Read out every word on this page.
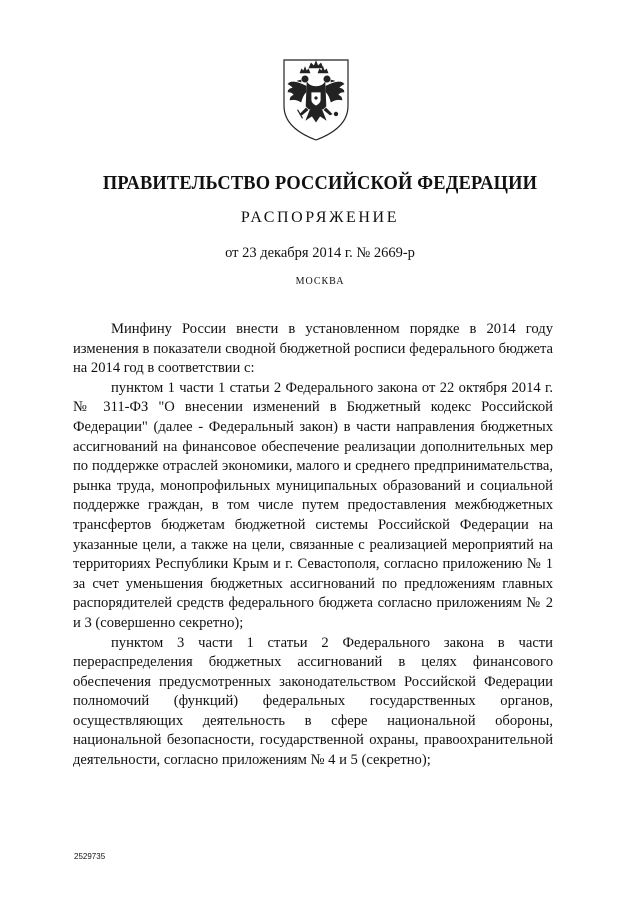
ПРАВИТЕЛЬСТВО РОССИЙСКОЙ ФЕДЕРАЦИИ
РАСПОРЯЖЕНИЕ
от 23 декабря 2014 г. № 2669-р
МОСКВА

Минфину России внести в установленном порядке в 2014 году изменения в показатели сводной бюджетной росписи федерального бюджета на 2014 год в соответствии с:

пунктом 1 части 1 статьи 2 Федерального закона от 22 октября 2014 г. № 311-ФЗ "О внесении изменений в Бюджетный кодекс Российской Федерации" (далее - Федеральный закон) в части направления бюджетных ассигнований на финансовое обеспечение реализации дополнительных мер по поддержке отраслей экономики, малого и среднего предпринимательства, рынка труда, монопрофильных муниципальных образований и социальной поддержке граждан, в том числе путем предоставления межбюджетных трансфертов бюджетам бюджетной системы Российской Федерации на указанные цели, а также на цели, связанные с реализацией мероприятий на территориях Республики Крым и г. Севастополя, согласно приложению № 1 за счет уменьшения бюджетных ассигнований по предложениям главных распорядителей средств федерального бюджета согласно приложениям № 2 и 3 (совершенно секретно);

пунктом 3 части 1 статьи 2 Федерального закона в части перераспределения бюджетных ассигнований в целях финансового обеспечения предусмотренных законодательством Российской Федерации полномочий (функций) федеральных государственных органов, осуществляющих деятельность в сфере национальной обороны, национальной безопасности, государственной охраны, правоохранительной деятельности, согласно приложениям № 4 и 5 (секретно);

2529735
